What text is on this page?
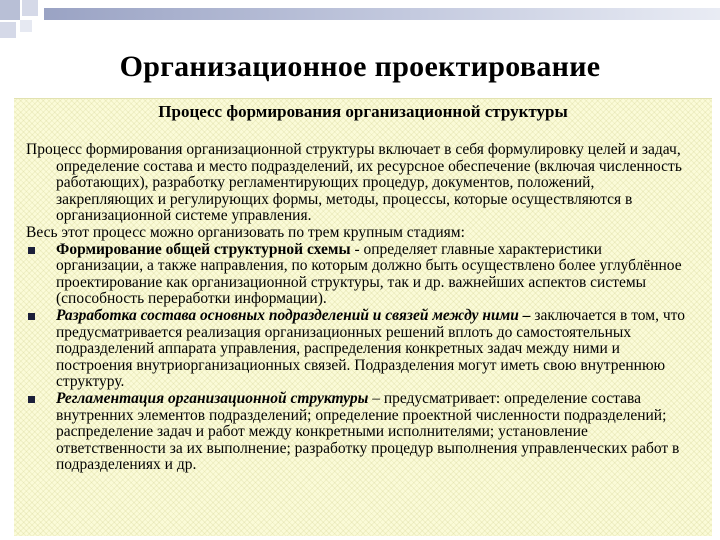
Организационное проектирование
Процесс формирования организационной структуры
Процесс формирования организационной структуры включает в себя формулировку целей и задач, определение состава и место подразделений, их ресурсное обеспечение (включая численность работающих), разработку регламентирующих процедур, документов, положений, закрепляющих и регулирующих формы, методы, процессы, которые осуществляются в организационной системе управления.
Весь этот процесс можно организовать по трем крупным стадиям:
Формирование общей структурной схемы - определяет главные характеристики организации, а также направления, по которым должно быть осуществлено более углублённое проектирование как организационной структуры, так и др. важнейших аспектов системы (способность переработки информации).
Разработка состава основных подразделений и связей между ними – заключается в том, что предусматривается реализация организационных решений вплоть до самостоятельных подразделений аппарата управления, распределения конкретных задач между ними и построения внутриорганизационных связей. Подразделения могут иметь свою внутреннюю структуру.
Регламентация организационной структуры – предусматривает: определение состава внутренних элементов подразделений; определение проектной численности подразделений; распределение задач и работ между конкретными исполнителями; установление ответственности за их выполнение; разработку процедур выполнения управленческих работ в подразделениях и др.
